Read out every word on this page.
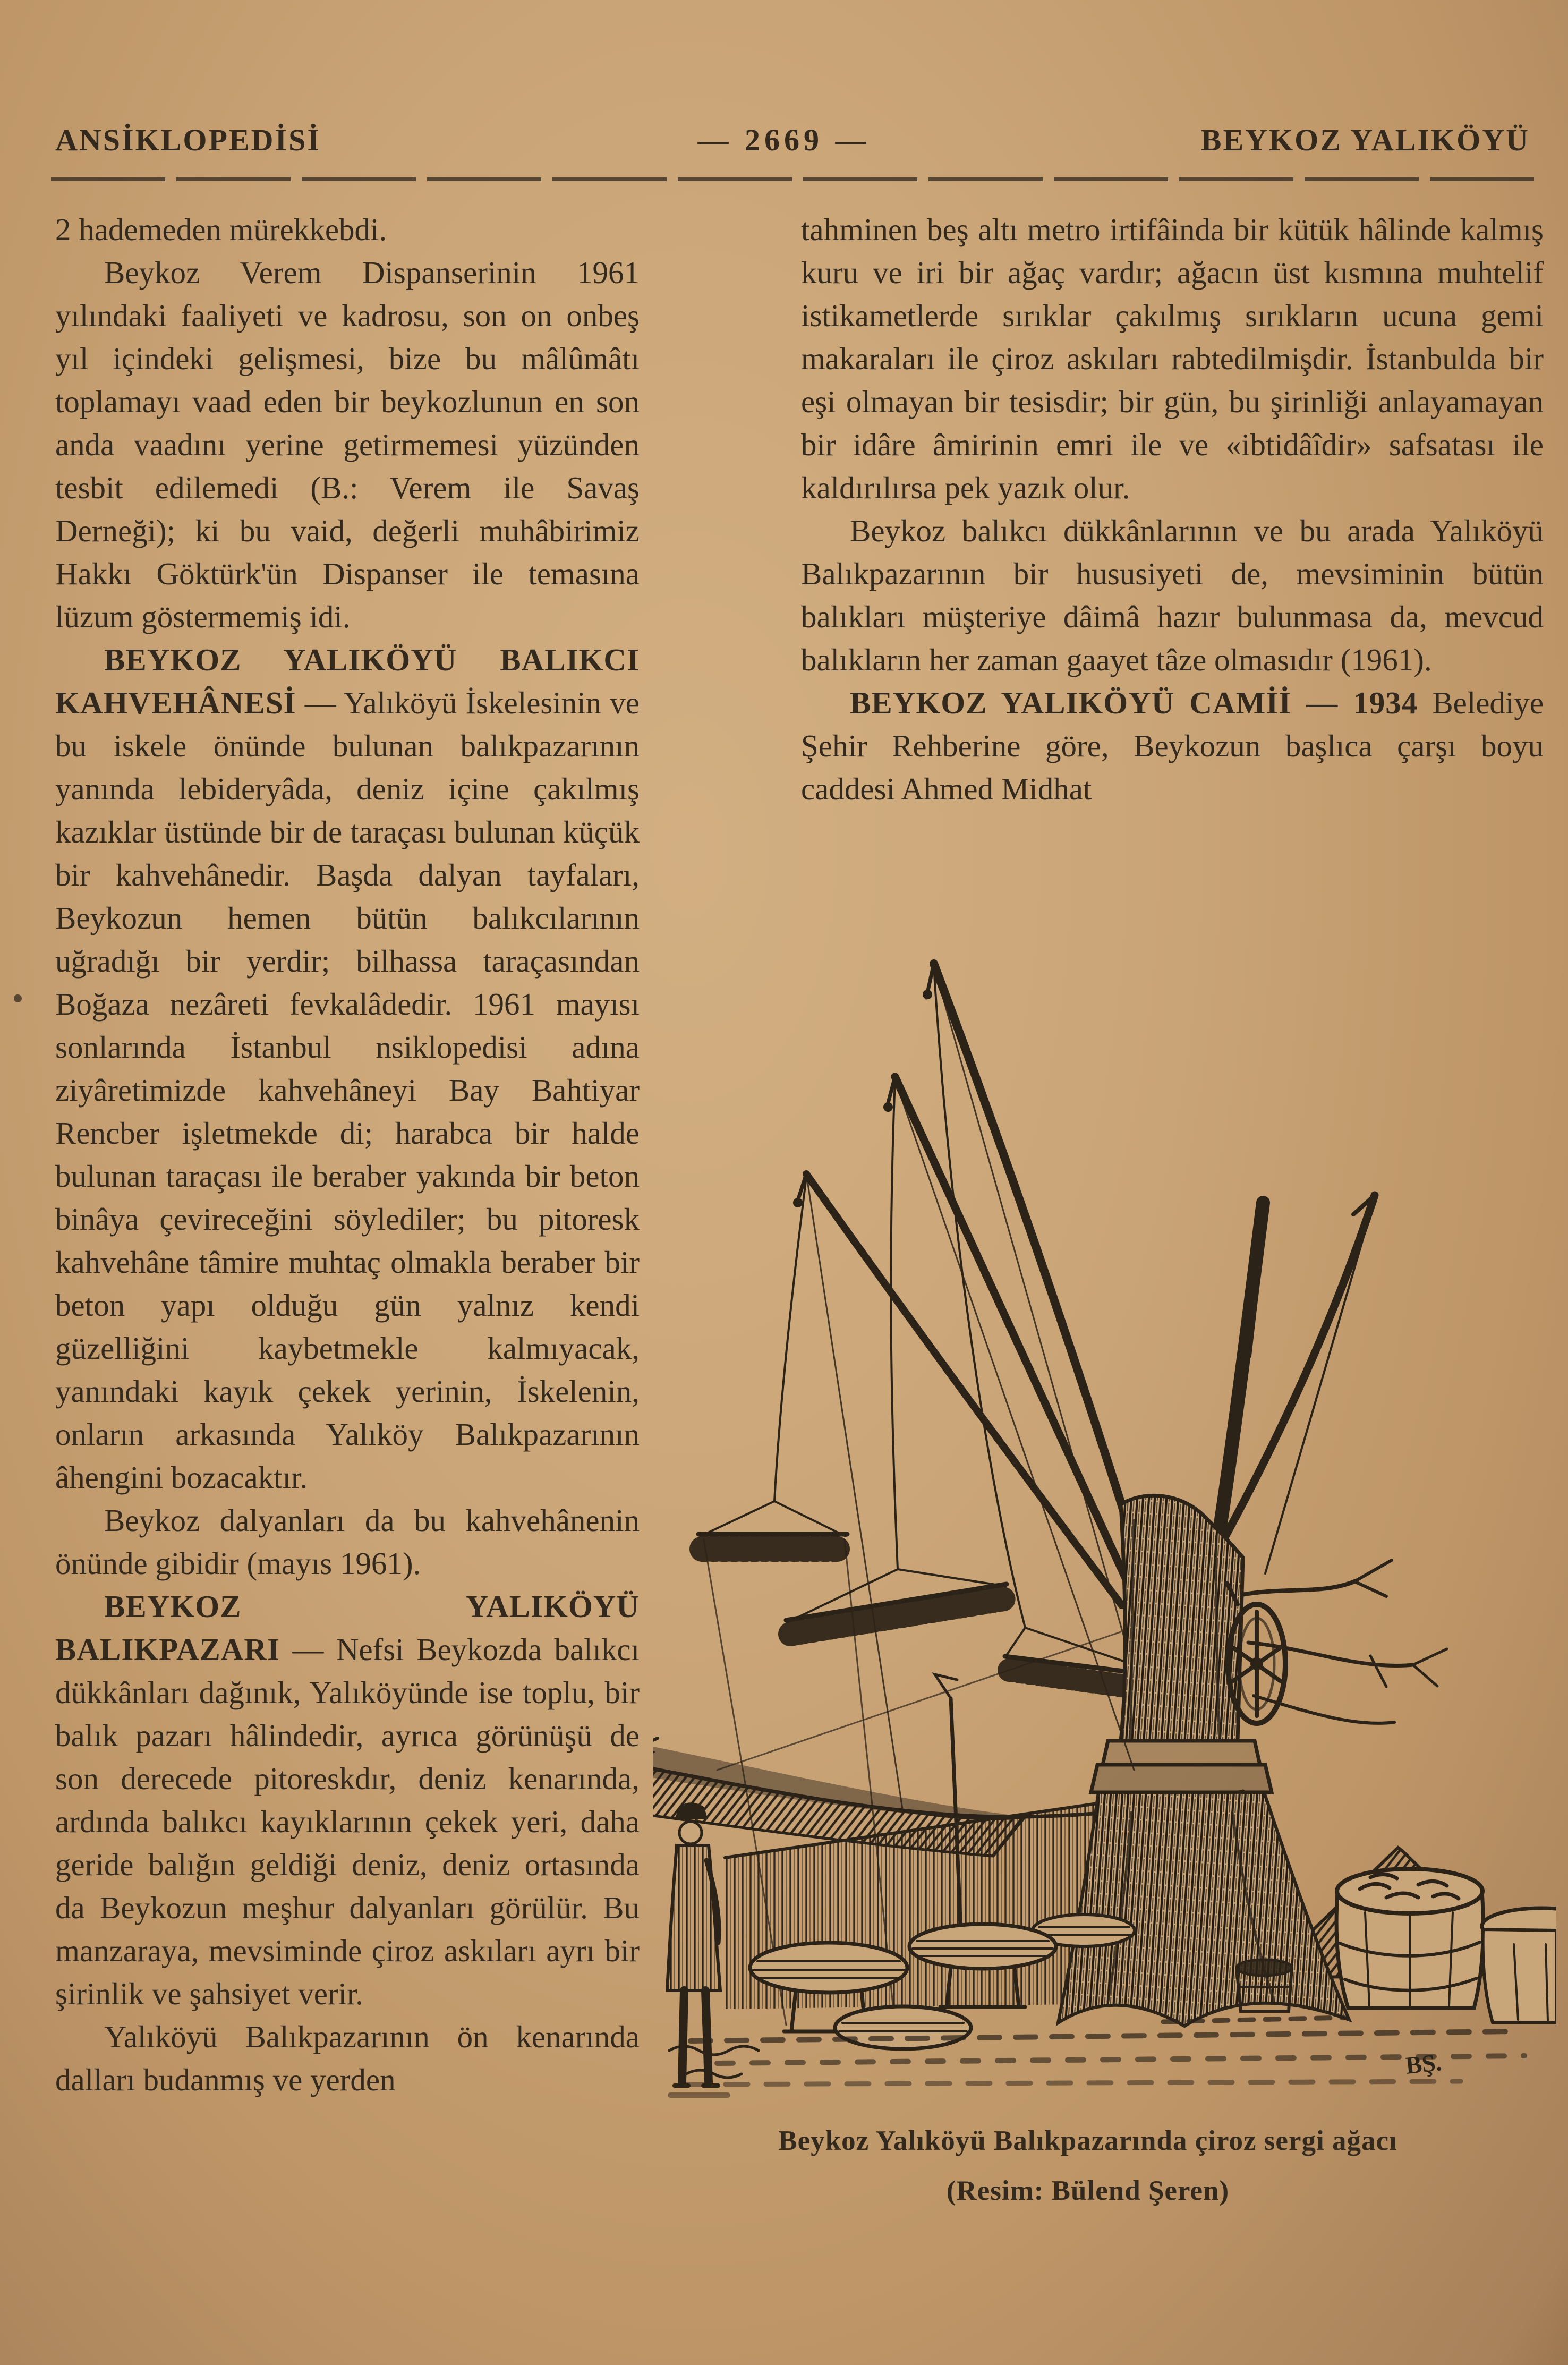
ANSİKLOPEDİSİ	— 2669 —	BEYKOZ YALIKÖYÜ

2 hademeden mürekkebdi.

Beykoz Verem Dispanserinin 1961 yılındaki faaliyeti ve kadrosu, son on onbeş yıl içindeki gelişmesi, bize bu mâlûmâtı toplamayı vaad eden bir beykozlunun en son anda vaadını yerine getirmemesi yüzünden tesbit edilemedi (B.: Verem ile Savaş Derneği); ki bu vaid, değerli muhâbirimiz Hakkı Göktürk'ün Dispanser ile temasına lüzum göstermemiş idi.

BEYKOZ YALIKÖYÜ BALIKCI KAHVEHÂNESİ — Yalıköyü İskelesinin ve bu iskele önünde bulunan balıkpazarının yanında lebideryâda, deniz içine çakılmış kazıklar üstünde bir de taraçası bulunan küçük bir kahvehânedir. Başda dalyan tayfaları, Beykozun hemen bütün balıkcılarının uğradığı bir yerdir; bilhassa taraçasından Boğaza nezâreti fevkalâdedir. 1961 mayısı sonlarında İstanbul nsiklopedisi adına ziyâretimizde kahvehâneyi Bay Bahtiyar Rencber işletmekde di; harabca bir halde bulunan taraçası ile beraber yakında bir beton binâya çevireceğini söylediler; bu pitoresk kahvehâne tâmire muhtaç olmakla beraber bir beton yapı olduğu gün yalnız kendi güzelliğini kaybetmekle kalmıyacak, yanındaki kayık çekek yerinin, İskelenin, onların arkasında Yalıköy Balıkpazarının âhengini bozacaktır.

Beykoz dalyanları da bu kahvehânenin önünde gibidir (mayıs 1961).

BEYKOZ YALIKÖYÜ BALIKPAZARI — Nefsi Beykozda balıkcı dükkânları dağınık, Yalıköyünde ise toplu, bir balık pazarı hâlindedir, ayrıca görünüşü de son derecede pitoreskdır, deniz kenarında, ardında balıkcı kayıklarının çekek yeri, daha geride balığın geldiği deniz, deniz ortasında da Beykozun meşhur dalyanları görülür. Bu manzaraya, mevsiminde çiroz askıları ayrı bir şirinlik ve şahsiyet verir.

Yalıköyü Balıkpazarının ön kenarında dalları budanmış ve yerden

tahminen beş altı metro irtifâinda bir kütük hâlinde kalmış kuru ve iri bir ağaç vardır; ağacın üst kısmına muhtelif istikametlerde sırıklar çakılmış sırıkların ucuna gemi makaraları ile çiroz askıları rabtedilmişdir. İstanbulda bir eşi olmayan bir tesisdir; bir gün, bu şirinliği anlayamayan bir idâre âmirinin emri ile ve «ibtidâîdir» safsatası ile kaldırılırsa pek yazık olur.

Beykoz balıkcı dükkânlarının ve bu arada Yalıköyü Balıkpazarının bir hususiyeti de, mevsiminin bütün balıkları müşteriye dâimâ hazır bulunmasa da, mevcud balıkların her zaman gaayet tâze olmasıdır (1961).

BEYKOZ YALIKÖYÜ CAMİİ — 1934 Belediye Şehir Rehberine göre, Beykozun başlıca çarşı boyu caddesi Ahmed Midhat

BŞ.
Beykoz Yalıköyü Balıkpazarında çiroz sergi ağacı
(Resim: Bülend Şeren)
